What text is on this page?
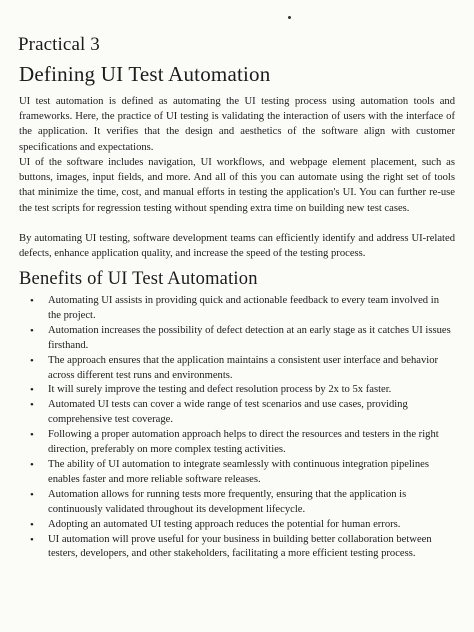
Practical 3
Defining UI Test Automation

UI test automation is defined as automating the UI testing process using automation tools and frameworks. Here, the practice of UI testing is validating the interaction of users with the interface of the application. It verifies that the design and aesthetics of the software align with customer specifications and expectations.

UI of the software includes navigation, UI workflows, and webpage element placement, such as buttons, images, input fields, and more. And all of this you can automate using the right set of tools that minimize the time, cost, and manual efforts in testing the application's UI. You can further re-use the test scripts for regression testing without spending extra time on building new test cases.

By automating UI testing, software development teams can efficiently identify and address UI-related defects, enhance application quality, and increase the speed of the testing process.

Benefits of UI Test Automation
• Automating UI assists in providing quick and actionable feedback to every team involved in the project.
• Automation increases the possibility of defect detection at an early stage as it catches UI issues firsthand.
• The approach ensures that the application maintains a consistent user interface and behavior across different test runs and environments.
• It will surely improve the testing and defect resolution process by 2x to 5x faster.
• Automated UI tests can cover a wide range of test scenarios and use cases, providing comprehensive test coverage.
• Following a proper automation approach helps to direct the resources and testers in the right direction, preferably on more complex testing activities.
• The ability of UI automation to integrate seamlessly with continuous integration pipelines enables faster and more reliable software releases.
• Automation allows for running tests more frequently, ensuring that the application is continuously validated throughout its development lifecycle.
• Adopting an automated UI testing approach reduces the potential for human errors.
• UI automation will prove useful for your business in building better collaboration between testers, developers, and other stakeholders, facilitating a more efficient testing process.
